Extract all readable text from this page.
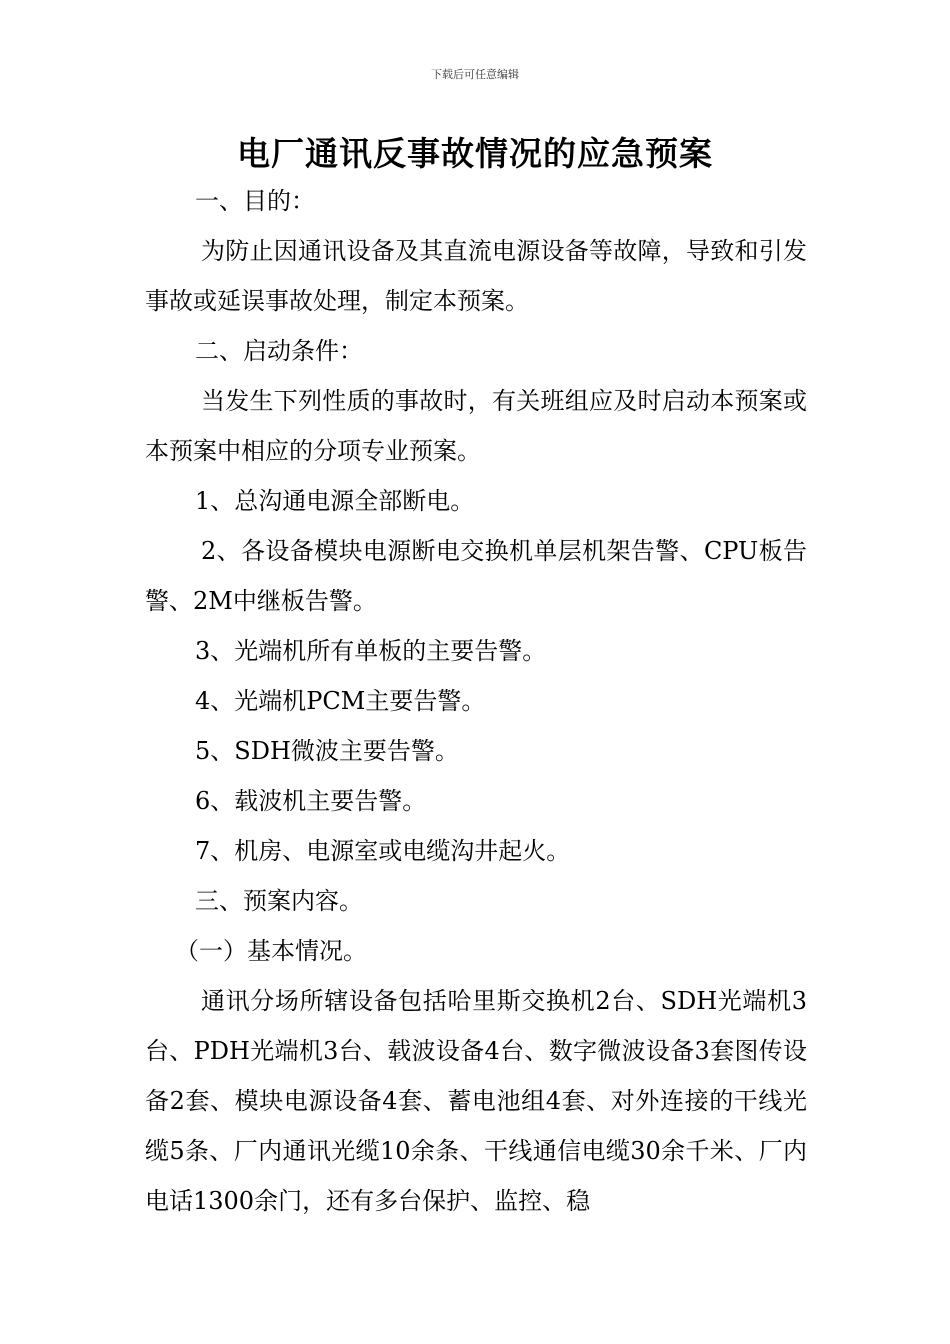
下载后可任意编辑
电厂通讯反事故情况的应急预案

一、目的：

为防止因通讯设备及其直流电源设备等故障，导致和引发事故或延误事故处理，制定本预案。

二、启动条件：

当发生下列性质的事故时，有关班组应及时启动本预案或本预案中相应的分项专业预案。

1、总沟通电源全部断电。

2、各设备模块电源断电交换机单层机架告警、CPU板告警、2M中继板告警。

3、光端机所有单板的主要告警。

4、光端机PCM主要告警。

5、SDH微波主要告警。

6、载波机主要告警。

7、机房、电源室或电缆沟井起火。

三、预案内容。

（一）基本情况。

通讯分场所辖设备包括哈里斯交换机2台、SDH光端机3台、PDH光端机3台、载波设备4台、数字微波设备3套图传设备2套、模块电源设备4套、蓄电池组4套、对外连接的干线光缆5条、厂内通讯光缆10余条、干线通信电缆30余千米、厂内电话1300余门，还有多台保护、监控、稳
